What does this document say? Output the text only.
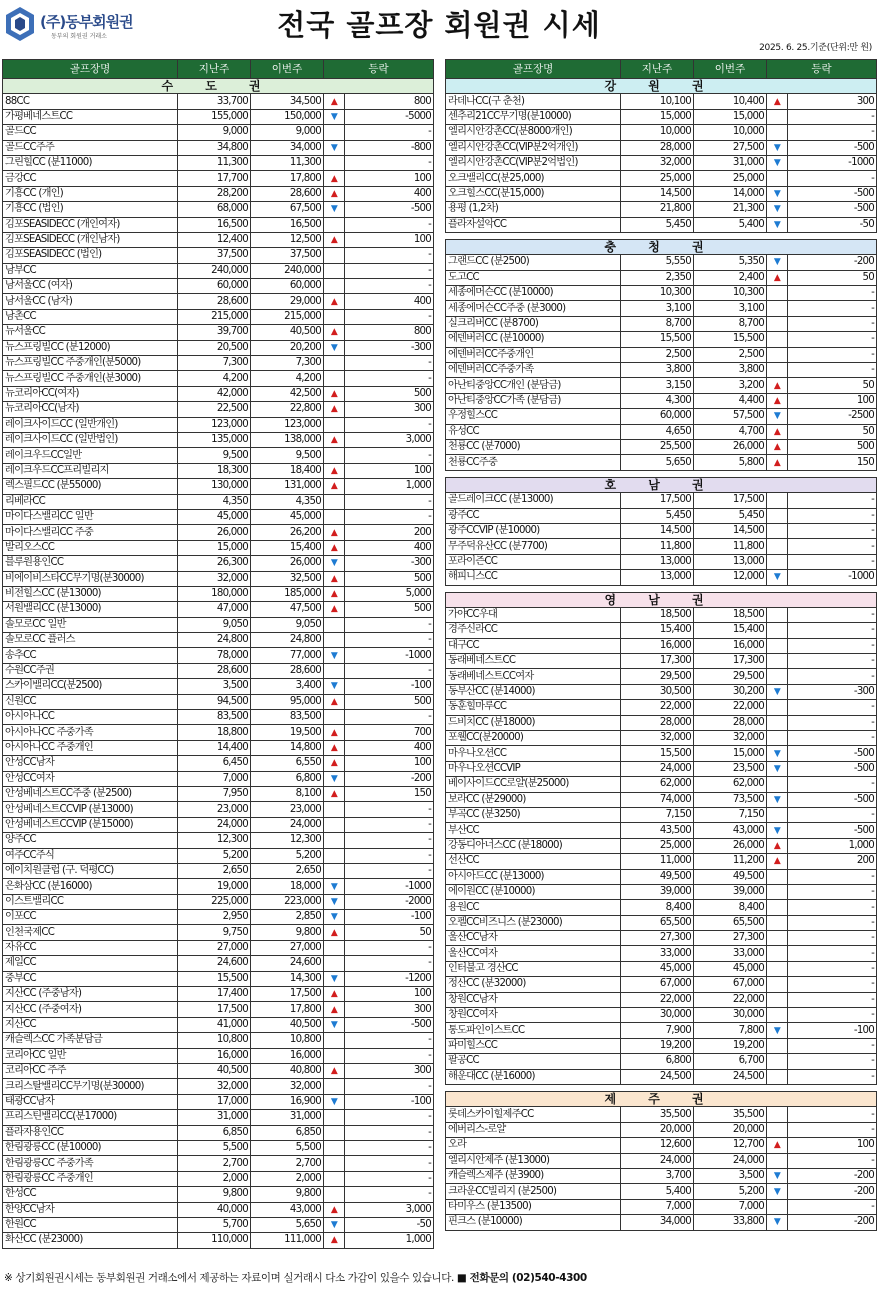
(주)동부회원권
동부의 회원권 거래소	전국 골프장 회원권 시세
2025. 6. 25.기준(단위:만 원)
골프장명	지난주	이번주	등락	
수 도 권				
88CC	33,700	34,500	▲	800
가평베네스트CC	155,000	150,000	▼	-5000
골드CC	9,000	9,000		-
골드CC주주	34,800	34,000	▼	-800
그린힐CC (분11000)	11,300	11,300		-
금강CC	17,700	17,800	▲	100
기흥CC (개인)	28,200	28,600	▲	400
기흥CC (법인)	68,000	67,500	▼	-500
김포SEASIDECC (개인여자)	16,500	16,500		-
김포SEASIDECC (개인남자)	12,400	12,500	▲	100
김포SEASIDECC (법인)	37,500	37,500		-
남부CC	240,000	240,000		-
남서울CC (여자)	60,000	60,000		-
남서울CC (남자)	28,600	29,000	▲	400
남촌CC	215,000	215,000		-
뉴서울CC	39,700	40,500	▲	800
뉴스프링빌CC (분12000)	20,500	20,200	▼	-300
뉴스프링빌CC 주중개인(분5000)	7,300	7,300		-
뉴스프링빌CC 주중개인(분3000)	4,200	4,200		-
뉴코리아CC(여자)	42,000	42,500	▲	500
뉴코리아CC(남자)	22,500	22,800	▲	300
레이크사이드CC (일반개인)	123,000	123,000		-
레이크사이드CC (일반법인)	135,000	138,000	▲	3,000
레이크우드CC일반	9,500	9,500		-
레이크우드CC프리빌리지	18,300	18,400	▲	100
렉스필드CC (분55000)	130,000	131,000	▲	1,000
리베라CC	4,350	4,350		-
마이다스밸리CC 일반	45,000	45,000		-
마이다스밸리CC 주중	26,000	26,200	▲	200
발리오스CC	15,000	15,400	▲	400
블루원용인CC	26,300	26,000	▼	-300
비에이비스타CC무기명(분30000)	32,000	32,500	▲	500
비전힐스CC (분13000)	180,000	185,000	▲	5,000
서원밸리CC (분13000)	47,000	47,500	▲	500
솔모로CC 일반	9,050	9,050		-
솔모로CC 플러스	24,800	24,800		-
송추CC	78,000	77,000	▼	-1000
수원CC주권	28,600	28,600		-
스카이밸리CC(분2500)	3,500	3,400	▼	-100
신원CC	94,500	95,000	▲	500
아시아나CC	83,500	83,500		-
아시아나CC 주중가족	18,800	19,500	▲	700
아시아나CC 주중개인	14,400	14,800	▲	400
안성CC남자	6,450	6,550	▲	100
안성CC여자	7,000	6,800	▼	-200
안성베네스트CC주중 (분2500)	7,950	8,100	▲	150
안성베네스트CCVIP (분13000)	23,000	23,000		-
안성베네스트CCVIP (분15000)	24,000	24,000		-
양주CC	12,300	12,300		-
여주CC주식	5,200	5,200		-
에이치원클럽 (구. 덕평CC)	2,650	2,650		-
은화삼CC (분16000)	19,000	18,000	▼	-1000
이스트밸리CC	225,000	223,000	▼	-2000
이포CC	2,950	2,850	▼	-100
인천국제CC	9,750	9,800	▲	50
자유CC	27,000	27,000		-
제일CC	24,600	24,600		-
중부CC	15,500	14,300	▼	-1200
지산CC (주중남자)	17,400	17,500	▲	100
지산CC (주중여자)	17,500	17,800	▲	300
지산CC	41,000	40,500	▼	-500
캐슬렉스CC 가족분담금	10,800	10,800		-
코리아CC 일반	16,000	16,000		-
코리아CC 주주	40,500	40,800	▲	300
크리스탈밸리CC무기명(분30000)	32,000	32,000		-
태광CC남자	17,000	16,900	▼	-100
프리스틴밸리CC(분17000)	31,000	31,000		-
플라자용인CC	6,850	6,850		-
한림광릉CC (분10000)	5,500	5,500		-
한림광릉CC 주중가족	2,700	2,700		-
한림광릉CC 주중개인	2,000	2,000		-
한성CC	9,800	9,800		-
한양CC남자	40,000	43,000	▲	3,000
한원CC	5,700	5,650	▼	-50
화산CC (분23000)	110,000	111,000	▲	1,000
골프장명	지난주	이번주	등락	
강 원 권				
라데나CC(구 춘천)	10,100	10,400	▲	300
센추리21CC무기명(분10000)	15,000	15,000		-
엘리시안강촌CC(분8000개인)	10,000	10,000		-
엘리시안강촌CC(VIP분2억개인)	28,000	27,500	▼	-500
엘리시안강촌CC(VIP분2억법인)	32,000	31,000	▼	-1000
오크밸리CC(분25,000)	25,000	25,000		-
오크힐스CC(분15,000)	14,500	14,000	▼	-500
용평 (1,2차)	21,800	21,300	▼	-500
플라자설악CC	5,450	5,400	▼	-50

충 청 권				
그랜드CC (분2500)	5,550	5,350	▼	-200
도고CC	2,350	2,400	▲	50
세종에머슨CC (분10000)	10,300	10,300		-
세종에머슨CC주중 (분3000)	3,100	3,100		-
실크리버CC (분8700)	8,700	8,700		-
에덴버러CC (분10000)	15,500	15,500		-
에덴버러CC주중개인	2,500	2,500		-
에덴버러CC주중가족	3,800	3,800		-
아난티중앙CC개인 (분담금)	3,150	3,200	▲	50
아난티중앙CC가족 (분담금)	4,300	4,400	▲	100
우정힐스CC	60,000	57,500	▼	-2500
유성CC	4,650	4,700	▲	50
천룡CC (분7000)	25,500	26,000	▲	500
천룡CC주중	5,650	5,800	▲	150

호 남 권				
골드레이크CC (분13000)	17,500	17,500		-
광주CC	5,450	5,450		-
광주CCVIP (분10000)	14,500	14,500		-
무주덕유산CC (분7700)	11,800	11,800		-
포라이즌CC	13,000	13,000		-
해피니스CC	13,000	12,000	▼	-1000

영 남 권				
가야CC우대	18,500	18,500		-
경주신라CC	15,400	15,400		-
대구CC	16,000	16,000		-
동래베네스트CC	17,300	17,300		-
동래베네스트CC여자	29,500	29,500		-
동부산CC (분14000)	30,500	30,200	▼	-300
동훈힐마루CC	22,000	22,000		-
드비치CC (분18000)	28,000	28,000		-
포웰CC(분20000)	32,000	32,000		-
마우나오션CC	15,500	15,000	▼	-500
마우나오션CCVIP	24,000	23,500	▼	-500
베이사이드CC로얄(분25000)	62,000	62,000		-
보라CC (분29000)	74,000	73,500	▼	-500
부곡CC (분3250)	7,150	7,150		-
부산CC	43,500	43,000	▼	-500
강동디아너스CC (분18000)	25,000	26,000	▲	1,000
선산CC	11,000	11,200	▲	200
아시아드CC (분13000)	49,500	49,500		-
에이원CC (분10000)	39,000	39,000		-
용원CC	8,400	8,400		-
오펠CC비즈니스 (분23000)	65,500	65,500		-
울산CC남자	27,300	27,300		-
울산CC여자	33,000	33,000		-
인터불고 경산CC	45,000	45,000		-
정산CC (분32000)	67,000	67,000		-
창원CC남자	22,000	22,000		-
창원CC여자	30,000	30,000		-
통도파인이스트CC	7,900	7,800	▼	-100
파미힐스CC	19,200	19,200		-
팔공CC	6,800	6,700		-
해운대CC (분16000)	24,500	24,500		-

제 주 권				
롯데스카이힐제주CC	35,500	35,500		-
에버리스-로얄	20,000	20,000		-
오라	12,600	12,700	▲	100
엘리시안제주 (분13000)	24,000	24,000		-
캐슬렉스제주 (분3900)	3,700	3,500	▼	-200
크라운CC빌리지 (분2500)	5,400	5,200	▼	-200
타미우스 (분13500)	7,000	7,000		-
핀크스 (분10000)	34,000	33,800	▼	-200
※ 상기회원권시세는 동부회원권 거래소에서 제공하는 자료이며 실거래시 다소 가감이 있을수 있습니다. ■ 전화문의 (02)540-4300
